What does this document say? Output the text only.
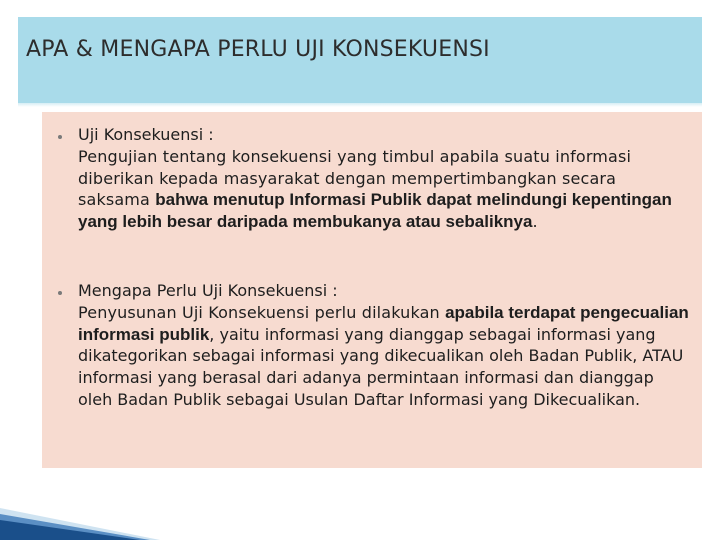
APA & MENGAPA PERLU UJI KONSEKUENSI
Uji Konsekuensi :
Pengujian tentang konsekuensi yang timbul apabila suatu informasi diberikan kepada masyarakat dengan mempertimbangkan secara saksama bahwa menutup Informasi Publik dapat melindungi kepentingan yang lebih besar daripada membukanya atau sebaliknya.
Mengapa Perlu Uji Konsekuensi :
Penyusunan Uji Konsekuensi perlu dilakukan apabila terdapat pengecualian informasi publik, yaitu informasi yang dianggap sebagai informasi yang dikategorikan sebagai informasi yang dikecualikan oleh Badan Publik, ATAU informasi yang berasal dari adanya permintaan informasi dan dianggap oleh Badan Publik sebagai Usulan Daftar Informasi yang Dikecualikan.
